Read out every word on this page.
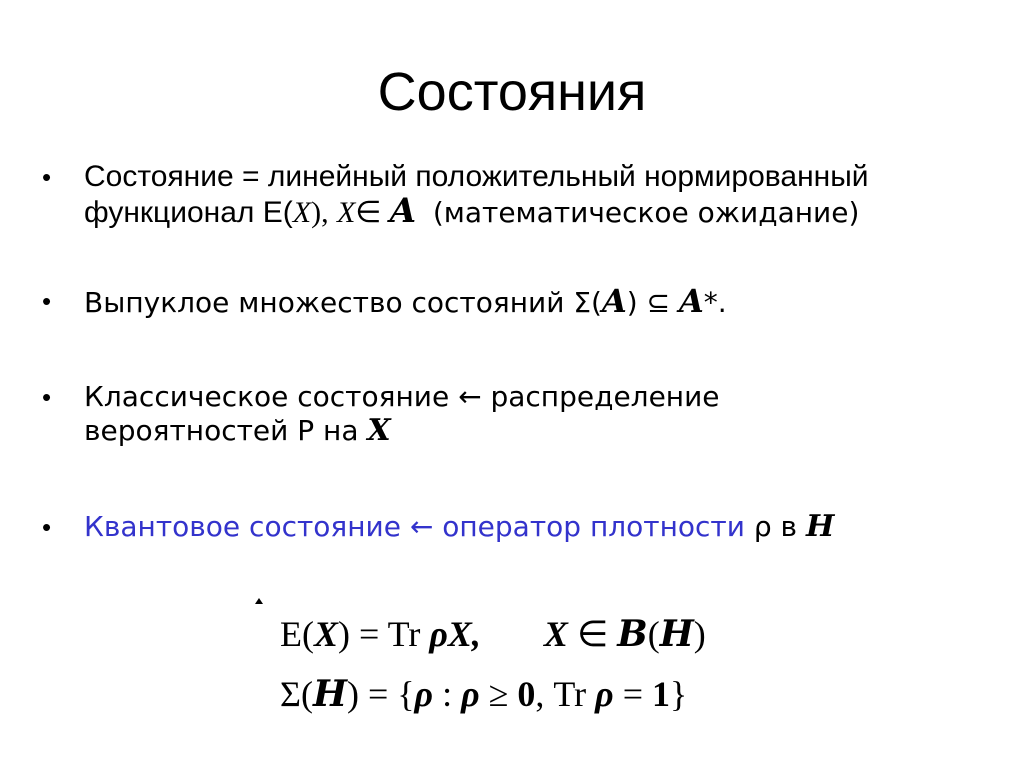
Состояния
• Состояние = линейный положительный нормированный
функционал E(X), X∈ A (математическое ожидание)
• Выпуклое множество состояний Σ(A) ⊆ A*.
• Классическое состояние ← распределение
вероятностей P на X
• Квантовое состояние ← оператор плотности ρ в H
E(X) = Tr ρX, X ∈ B(H)
Σ(H) = {ρ : ρ ≥ 0, Tr ρ = 1}
